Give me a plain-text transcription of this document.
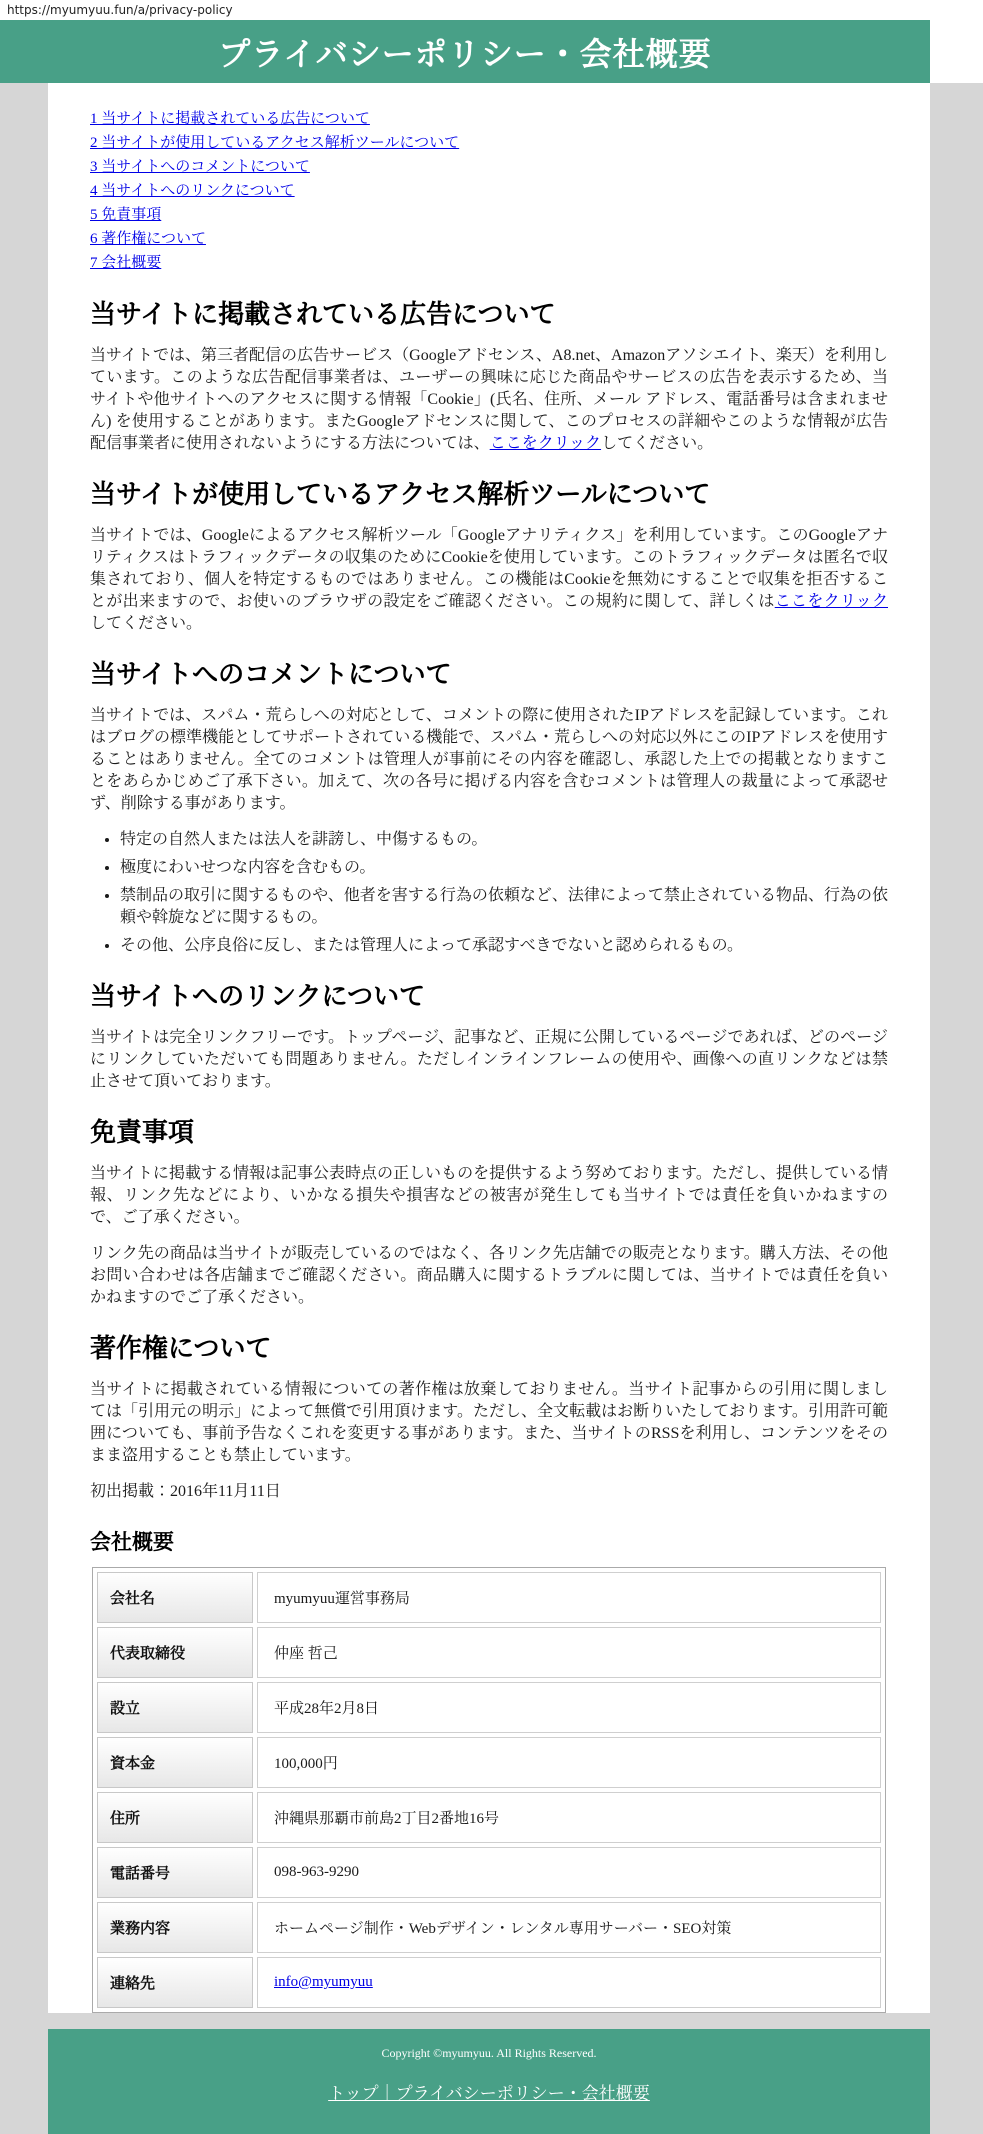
https://myumyuu.fun/a/privacy-policy
プライバシーポリシー・会社概要
1 当サイトに掲載されている広告について
2 当サイトが使用しているアクセス解析ツールについて
3 当サイトへのコメントについて
4 当サイトへのリンクについて
5 免責事項
6 著作権について
7 会社概要
当サイトに掲載されている広告について

当サイトでは、第三者配信の広告サービス（Googleアドセンス、A8.net、Amazonアソシエイト、楽天）を利用しています。このような広告配信事業者は、ユーザーの興味に応じた商品やサービスの広告を表示するため、当サイトや他サイトへのアクセスに関する情報「Cookie」(氏名、住所、メール アドレス、電話番号は含まれません) を使用することがあります。またGoogleアドセンスに関して、このプロセスの詳細やこのような情報が広告配信事業者に使用されないようにする方法については、ここをクリックしてください。

当サイトが使用しているアクセス解析ツールについて

当サイトでは、Googleによるアクセス解析ツール「Googleアナリティクス」を利用しています。このGoogleアナリティクスはトラフィックデータの収集のためにCookieを使用しています。このトラフィックデータは匿名で収集されており、個人を特定するものではありません。この機能はCookieを無効にすることで収集を拒否することが出来ますので、お使いのブラウザの設定をご確認ください。この規約に関して、詳しくはここをクリックしてください。

当サイトへのコメントについて

当サイトでは、スパム・荒らしへの対応として、コメントの際に使用されたIPアドレスを記録しています。これはブログの標準機能としてサポートされている機能で、スパム・荒らしへの対応以外にこのIPアドレスを使用することはありません。全てのコメントは管理人が事前にその内容を確認し、承認した上での掲載となりますことをあらかじめご了承下さい。加えて、次の各号に掲げる内容を含むコメントは管理人の裁量によって承認せず、削除する事があります。

• 特定の自然人または法人を誹謗し、中傷するもの。
• 極度にわいせつな内容を含むもの。
• 禁制品の取引に関するものや、他者を害する行為の依頼など、法律によって禁止されている物品、行為の依頼や斡旋などに関するもの。
• その他、公序良俗に反し、または管理人によって承認すべきでないと認められるもの。
当サイトへのリンクについて

当サイトは完全リンクフリーです。トップページ、記事など、正規に公開しているページであれば、どのページにリンクしていただいても問題ありません。ただしインラインフレームの使用や、画像への直リンクなどは禁止させて頂いております。

免責事項

当サイトに掲載する情報は記事公表時点の正しいものを提供するよう努めております。ただし、提供している情報、リンク先などにより、いかなる損失や損害などの被害が発生しても当サイトでは責任を負いかねますので、ご了承ください。

リンク先の商品は当サイトが販売しているのではなく、各リンク先店舗での販売となります。購入方法、その他お問い合わせは各店舗までご確認ください。商品購入に関するトラブルに関しては、当サイトでは責任を負いかねますのでご了承ください。

著作権について

当サイトに掲載されている情報についての著作権は放棄しておりません。当サイト記事からの引用に関しましては「引用元の明示」によって無償で引用頂けます。ただし、全文転載はお断りいたしております。引用許可範囲についても、事前予告なくこれを変更する事があります。また、当サイトのRSSを利用し、コンテンツをそのまま盗用することも禁止しています。

初出掲載：2016年11月11日

会社概要
会社名	myumyuu運営事務局
代表取締役	仲座 哲己
設立	平成28年2月8日
資本金	100,000円
住所	沖縄県那覇市前島2丁目2番地16号
電話番号	098-963-9290
業務内容	ホームページ制作・Webデザイン・レンタル専用サーバー・SEO対策
連絡先	info@myumyuu
Copyright ©myumyuu. All Rights Reserved.
トップ｜プライバシーポリシー・会社概要
